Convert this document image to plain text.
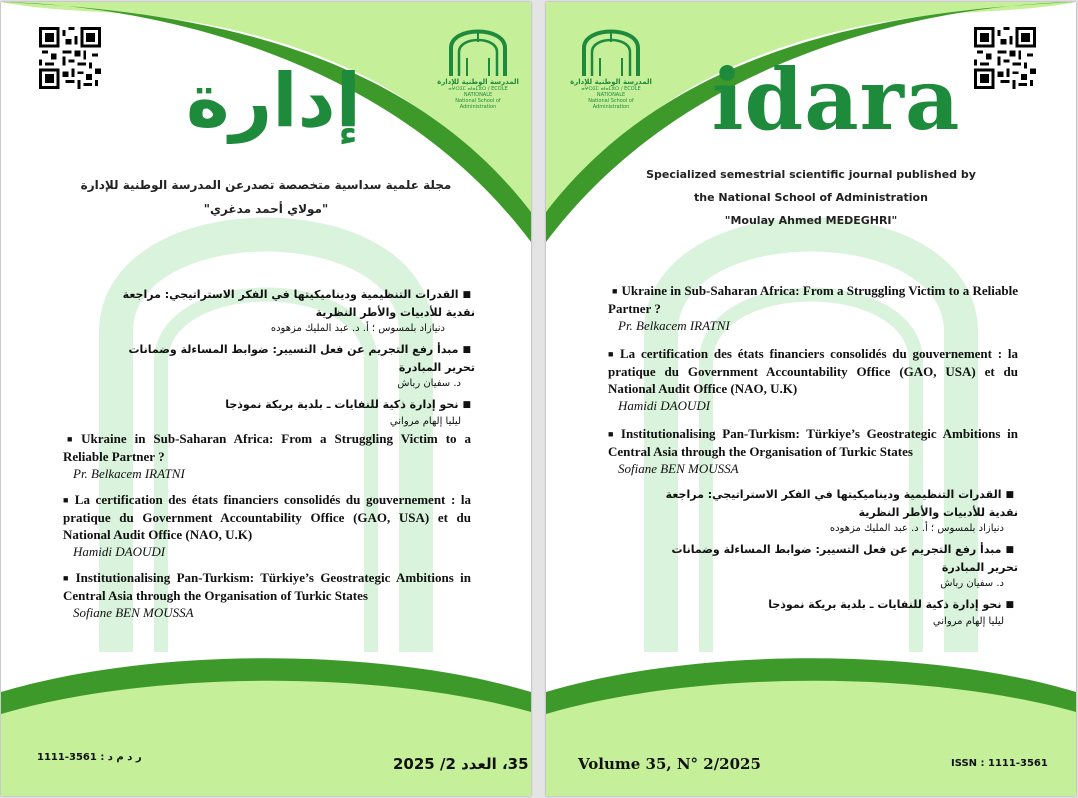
المدرسة الوطنية للإدارة
ⴰⵖⵔⵉⵎ ⴰⵏⴰⵎⵓⵔ / ECOLE NATIONALE
National School of Administration
إدارة
مجلة علمية سداسية متخصصة تصدرعن المدرسة الوطنية للإدارة
"مولاي أحمد مدغري"
■القدرات التنظيمية وديناميكيتها في الفكر الاستراتيجي: مراجعة نقدية للأدبيات والأطر النظرية
دنيازاد بلمسوس ؛ أ. د. عبد المليك مزهوده
■مبدأ رفع التجريم عن فعل التسيير: ضوابط المساءلة وضمانات تحرير المبادرة
د. سفيان رباش
■نحو إدارة ذكية للنفايات ـ بلدية بريكة نموذجا
ليليا إلهام مرواني
■ Ukraine in Sub-Saharan Africa: From a Struggling Victim to a Reliable Partner ?
Pr. Belkacem IRATNI
■ La certification des états financiers consolidés du gouvernement : la pratique du Government Accountability Office (GAO, USA) et du National Audit Office (NAO, U.K)
Hamidi DAOUDI
■ Institutionalising Pan-Turkism: Türkiye’s Geostrategic Ambitions in Central Asia through the Organisation of Turkic States
Sofiane BEN MOUSSA
ر د م د : 3561-1111	35، العدد 2/ 2025
المدرسة الوطنية للإدارة
ⴰⵖⵔⵉⵎ ⴰⵏⴰⵎⵓⵔ / ECOLE NATIONALE
National School of Administration idara
Specialized semestrial scientific journal published by
the National School of Administration
"Moulay Ahmed MEDEGHRI"
■ Ukraine in Sub-Saharan Africa: From a Struggling Victim to a Reliable Partner ?
Pr. Belkacem IRATNI
■ La certification des états financiers consolidés du gouvernement : la pratique du Government Accountability Office (GAO, USA) et du National Audit Office (NAO, U.K)
Hamidi DAOUDI
■ Institutionalising Pan-Turkism: Türkiye’s Geostrategic Ambitions in Central Asia through the Organisation of Turkic States
Sofiane BEN MOUSSA
■القدرات التنظيمية وديناميكيتها في الفكر الاستراتيجي: مراجعة نقدية للأدبيات والأطر النظرية
دنيازاد بلمسوس ؛ أ. د. عبد المليك مزهوده
■مبدأ رفع التجريم عن فعل التسيير: ضوابط المساءلة وضمانات تحرير المبادرة
د. سفيان رباش
■نحو إدارة ذكية للنفايات ـ بلدية بريكة نموذجا
ليليا إلهام مرواني
Volume 35, N° 2/2025	ISSN : 1111-3561
